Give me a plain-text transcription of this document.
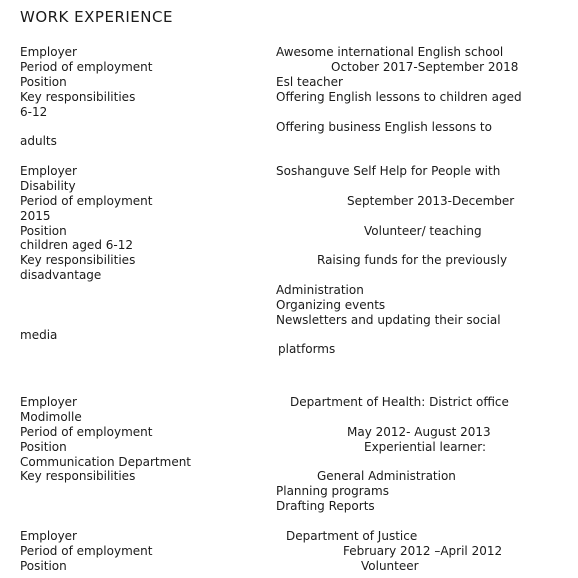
WORK EXPERIENCE
Employer	Awesome international English school
Period of employment	October 2017-September 2018
Position	Esl teacher
Key responsibilities	Offering English lessons to children aged
6-12
Offering business English lessons to
adults
Employer	Soshanguve Self Help for People with
Disability
Period of employment	September 2013-December
2015
Position	Volunteer/ teaching
children aged 6-12
Key responsibilities	Raising funds for the previously
disadvantage
Administration
Organizing events
Newsletters and updating their social
media
platforms
Employer	Department of Health: District office
Modimolle
Period of employment	May 2012- August 2013
Position	Experiential learner:
Communication Department
Key responsibilities	General Administration
Planning programs
Drafting Reports
Employer	Department of Justice
Period of employment	February 2012 –April 2012
Position	Volunteer
